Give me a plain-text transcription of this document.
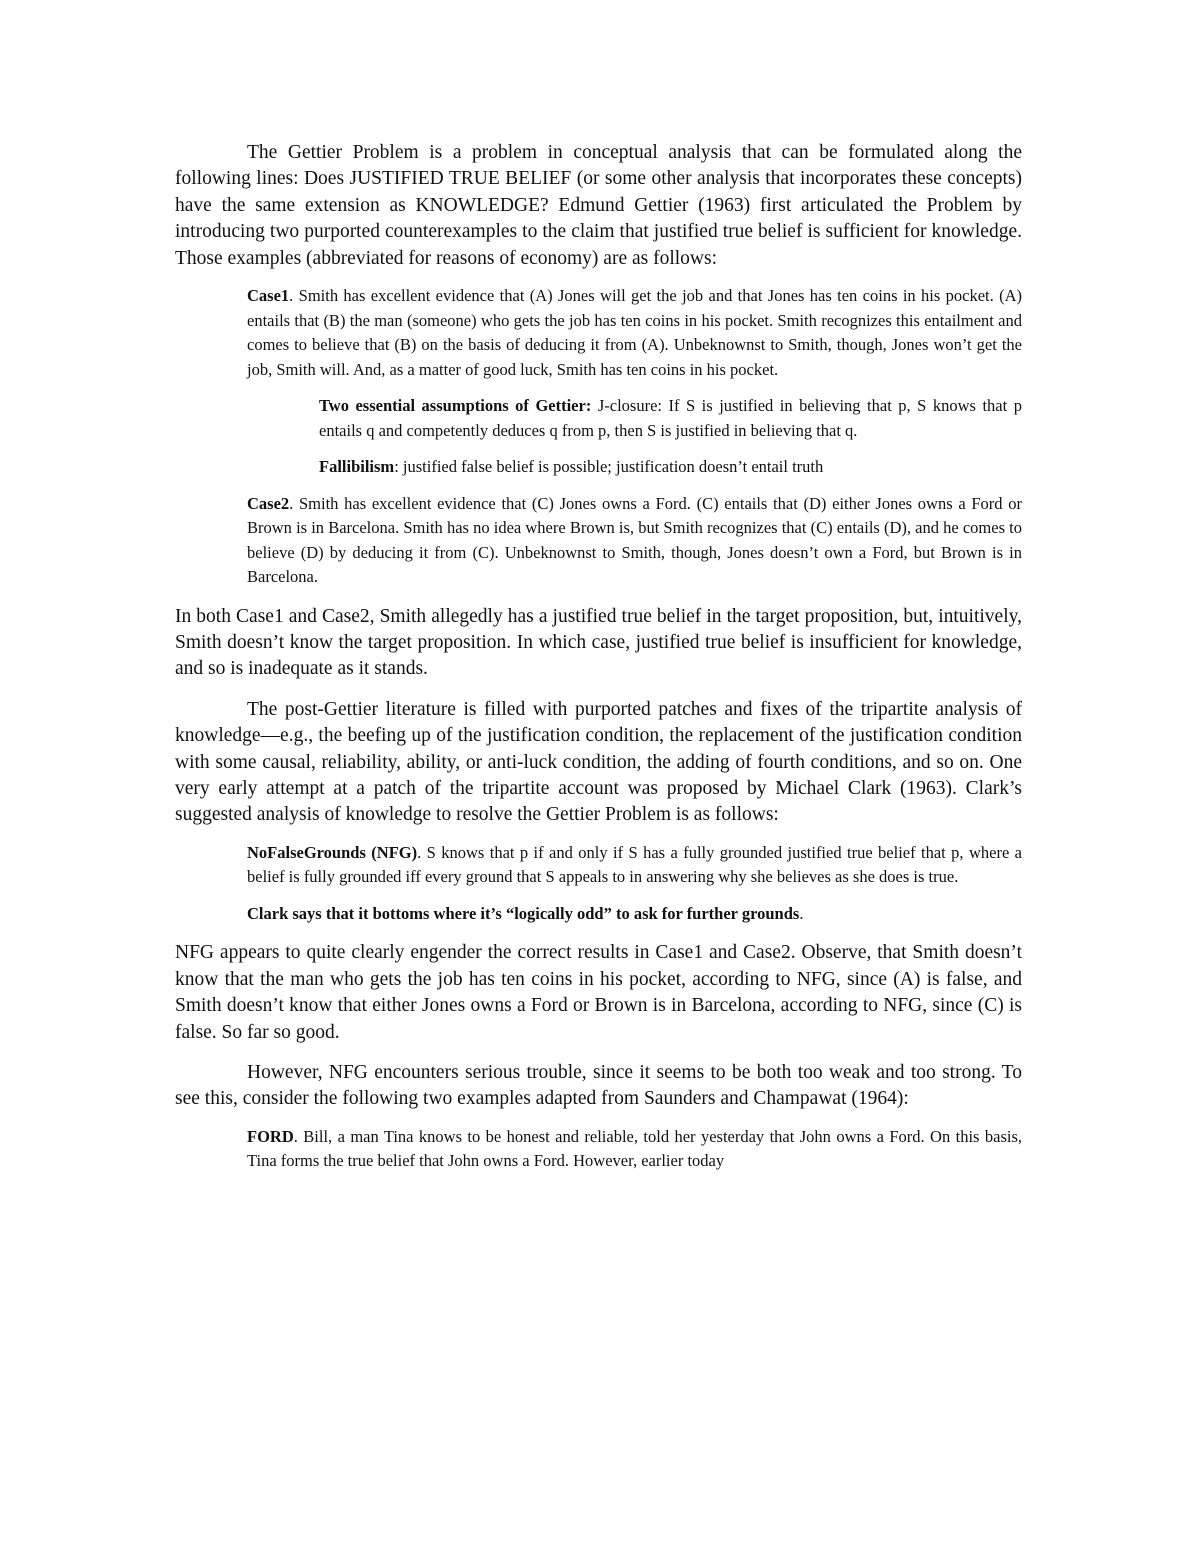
The Gettier Problem is a problem in conceptual analysis that can be formulated along the following lines: Does JUSTIFIED TRUE BELIEF (or some other analysis that incorporates these concepts) have the same extension as KNOWLEDGE? Edmund Gettier (1963) first articulated the Problem by introducing two purported counterexamples to the claim that justified true belief is sufficient for knowledge. Those examples (abbreviated for reasons of economy) are as follows:

Case1. Smith has excellent evidence that (A) Jones will get the job and that Jones has ten coins in his pocket. (A) entails that (B) the man (someone) who gets the job has ten coins in his pocket. Smith recognizes this entailment and comes to believe that (B) on the basis of deducing it from (A). Unbeknownst to Smith, though, Jones won’t get the job, Smith will. And, as a matter of good luck, Smith has ten coins in his pocket.

Two essential assumptions of Gettier: J-closure: If S is justified in believing that p, S knows that p entails q and competently deduces q from p, then S is justified in believing that q.

Fallibilism: justified false belief is possible; justification doesn’t entail truth

Case2. Smith has excellent evidence that (C) Jones owns a Ford. (C) entails that (D) either Jones owns a Ford or Brown is in Barcelona. Smith has no idea where Brown is, but Smith recognizes that (C) entails (D), and he comes to believe (D) by deducing it from (C). Unbeknownst to Smith, though, Jones doesn’t own a Ford, but Brown is in Barcelona.

In both Case1 and Case2, Smith allegedly has a justified true belief in the target proposition, but, intuitively, Smith doesn’t know the target proposition. In which case, justified true belief is insufficient for knowledge, and so is inadequate as it stands.

The post-Gettier literature is filled with purported patches and fixes of the tripartite analysis of knowledge—e.g., the beefing up of the justification condition, the replacement of the justification condition with some causal, reliability, ability, or anti-luck condition, the adding of fourth conditions, and so on. One very early attempt at a patch of the tripartite account was proposed by Michael Clark (1963). Clark’s suggested analysis of knowledge to resolve the Gettier Problem is as follows:

NoFalseGrounds (NFG). S knows that p if and only if S has a fully grounded justified true belief that p, where a belief is fully grounded iff every ground that S appeals to in answering why she believes as she does is true.

Clark says that it bottoms where it’s “logically odd” to ask for further grounds.

NFG appears to quite clearly engender the correct results in Case1 and Case2. Observe, that Smith doesn’t know that the man who gets the job has ten coins in his pocket, according to NFG, since (A) is false, and Smith doesn’t know that either Jones owns a Ford or Brown is in Barcelona, according to NFG, since (C) is false. So far so good.

However, NFG encounters serious trouble, since it seems to be both too weak and too strong. To see this, consider the following two examples adapted from Saunders and Champawat (1964):

FORD. Bill, a man Tina knows to be honest and reliable, told her yesterday that John owns a Ford. On this basis, Tina forms the true belief that John owns a Ford. However, earlier today
